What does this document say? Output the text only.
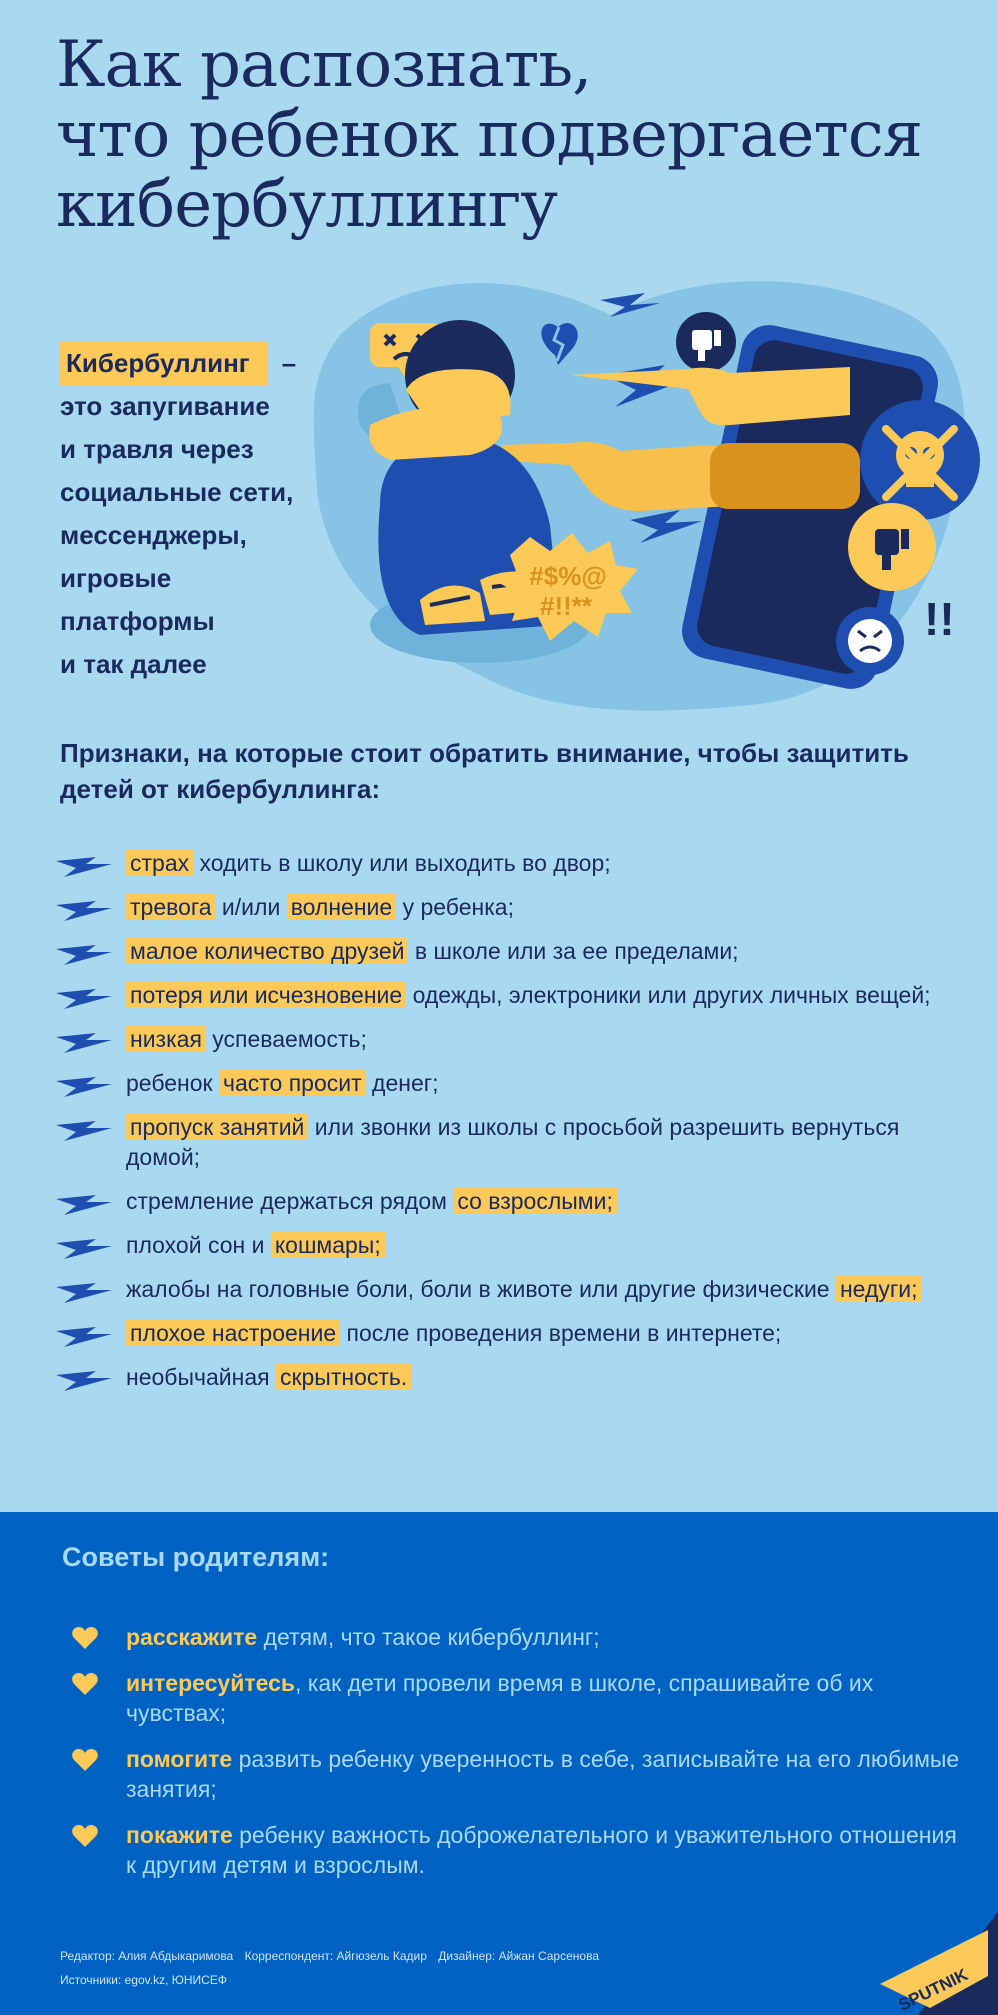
Как распознать,
что ребенок подвергается
кибербуллингу
Кибербуллинг	–
это запугивание
и травля через
социальные сети,
мессенджеры,
игровые
платформы
и так далее
#$%@
#!!**	!!
Признаки, на которые стоит обратить внимание, чтобы защитить детей от кибербуллинга:
страх ходить в школу или выходить во двор;
тревога и/или волнение у ребенка;
малое количество друзей в школе или за ее пределами;
потеря или исчезновение одежды, электроники или других личных вещей;
низкая успеваемость;
ребенок часто просит денег;
пропуск занятий или звонки из школы с просьбой разрешить вернуться домой;
стремление держаться рядом со взрослыми;
плохой сон и кошмары;
жалобы на головные боли, боли в животе или другие физические недуги;
плохое настроение после проведения времени в интернете;
необычайная скрытность.
Советы родителям:
расскажите детям, что такое кибербуллинг;
интересуйтесь, как дети провели время в школе, спрашивайте об их чувствах;
помогите развить ребенку уверенность в себе, записывайте на его любимые занятия;
покажите ребенку важность доброжелательного и уважительного отношения к другим детям и взрослым.
Редактор: Алия Абдыкаримова Корреспондент: Айгюзель Кадир Дизайнер: Айжан Сарсенова
Источники: egov.kz, ЮНИСЕФ	SPUTNIK
